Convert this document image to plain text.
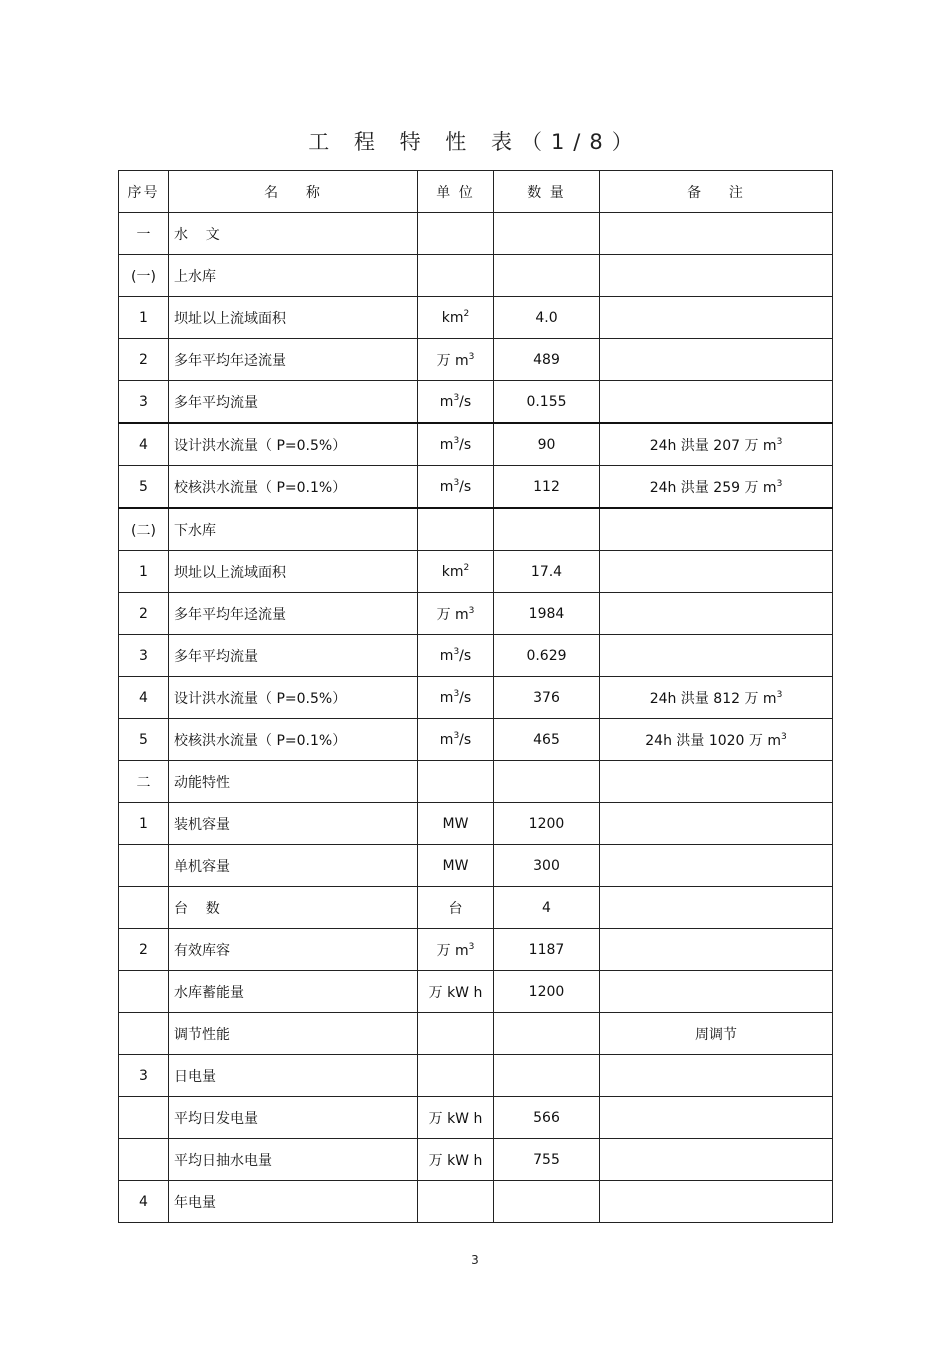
工 程 特 性 表（1/8）
序号	名    称	单 位	数 量	备    注
一	水    文			
(一)	上水库			
1	坝址以上流域面积	$km^2$	4.0	
2	多年平均年迳流量	万 $m^3$	489	
3	多年平均流量	$m^3/s$	0.155	
4	设计洪水流量（ P=0.5%）	$m^3/s$	90	24h 洪量 207 万 $m^3$
5	校核洪水流量（ P=0.1%）	$m^3/s$	112	24h 洪量 259 万 $m^3$
(二)	下水库			
1	坝址以上流域面积	$km^2$	17.4	
2	多年平均年迳流量	万 $m^3$	1984	
3	多年平均流量	$m^3/s$	0.629	
4	设计洪水流量（ P=0.5%）	$m^3/s$	376	24h 洪量 812 万 $m^3$
5	校核洪水流量（ P=0.1%）	$m^3/s$	465	24h 洪量 1020 万 $m^3$
二	动能特性			
1	装机容量	MW	1200	
	单机容量	MW	300	
	台    数	台	4	
2	有效库容	万 $m^3$	1187	
	水库蓄能量	万 kW h	1200	
	调节性能			周调节
3	日电量			
	平均日发电量	万 kW h	566	
	平均日抽水电量	万 kW h	755	
4	年电量			
3
